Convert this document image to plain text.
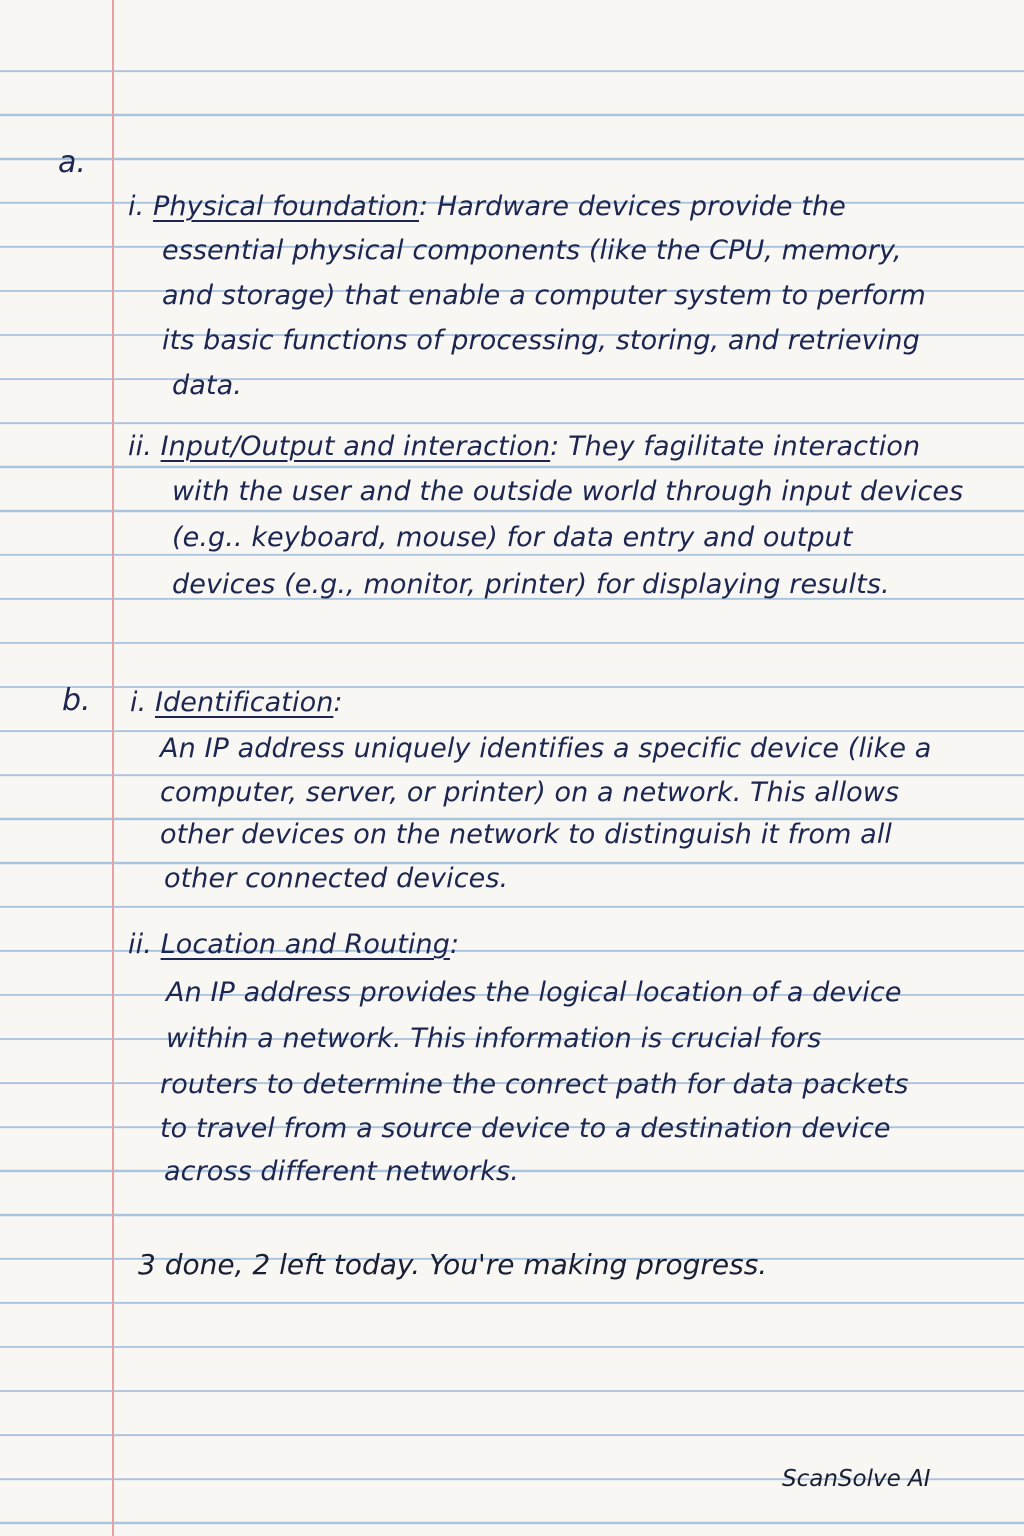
a.
i. Physical foundation: Hardware devices provide the
essential physical components (like the CPU, memory,
and storage) that enable a computer system to perform
its basic functions of processing, storing, and retrieving
data.
ii. Input/Output and interaction: They fagilitate interaction
with the user and the outside world through input devices
(e.g.. keyboard, mouse) for data entry and output
devices (e.g., monitor, printer) for displaying results.
b. i. Identification:
An IP address uniquely identifies a specific device (like a
computer, server, or printer) on a network. This allows
other devices on the network to distinguish it from all
other connected devices.
ii. Location and Routing:
An IP address provides the logical location of a device
within a network. This information is crucial fors
routers to determine the conrect path for data packets
to travel from a source device to a destination device
across different networks.
3 done, 2 left today. You're making progress.
ScanSolve AI
